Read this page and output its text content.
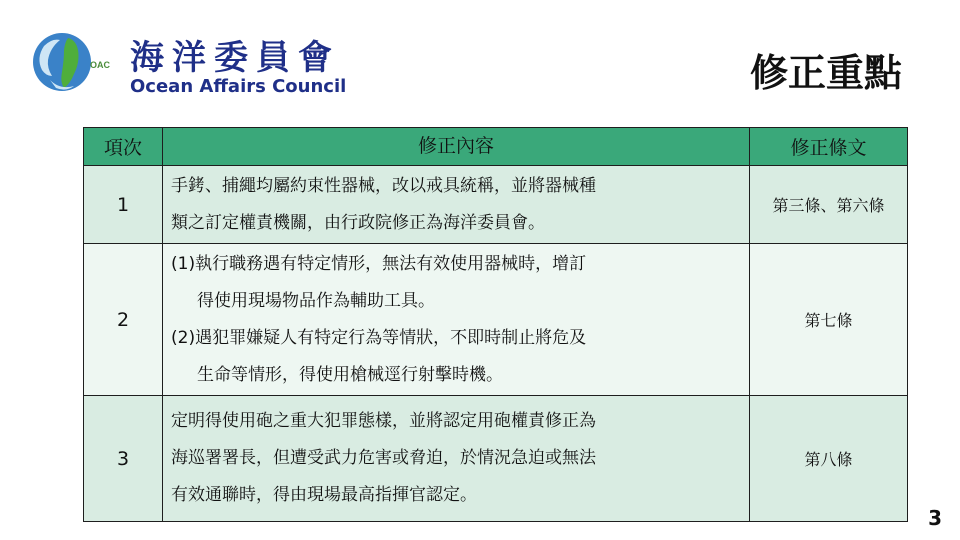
OAC 海洋委員會
Ocean Affairs Council	修正重點
項次	修正內容	修正條文
1	手銬、捕繩均屬約束性器械，改以戒具統稱，並將器械種
類之訂定權責機關，由行政院修正為海洋委員會。	第三條、第六條
2	(1)執行職務遇有特定情形，無法有效使用器械時，增訂
得使用現場物品作為輔助工具。
(2)遇犯罪嫌疑人有特定行為等情狀，不即時制止將危及
生命等情形，得使用槍械逕行射擊時機。	第七條
3	定明得使用砲之重大犯罪態樣，並將認定用砲權責修正為
海巡署署長，但遭受武力危害或脅迫，於情況急迫或無法
有效通聯時，得由現場最高指揮官認定。	第八條
3
